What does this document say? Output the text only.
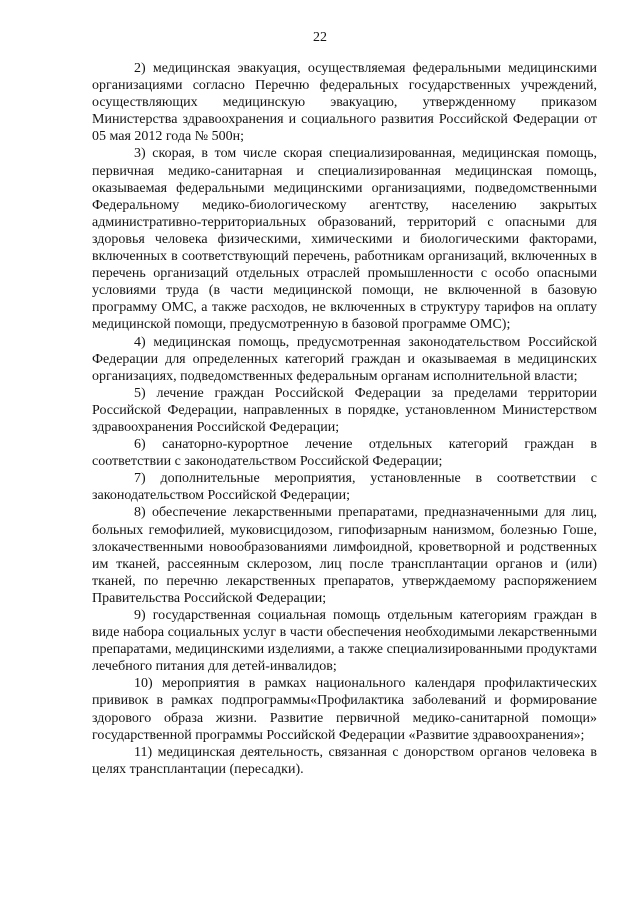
22

2) медицинская эвакуация, осуществляемая федеральными медицинскими организациями согласно Перечню федеральных государственных учреждений, осуществляющих медицинскую эвакуацию, утвержденному приказом Министерства здравоохранения и социального развития Российской Федерации от 05 мая 2012 года № 500н;

3) скорая, в том числе скорая специализированная, медицинская помощь, первичная медико-санитарная и специализированная медицинская помощь, оказываемая федеральными медицинскими организациями, подведомственными Федеральному медико-биологическому агентству, населению закрытых административно-территориальных образований, территорий с опасными для здоровья человека физическими, химическими и биологическими факторами, включенных в соответствующий перечень, работникам организаций, включенных в перечень организаций отдельных отраслей промышленности с особо опасными условиями труда (в части медицинской помощи, не включенной в базовую программу ОМС, а также расходов, не включенных в структуру тарифов на оплату медицинской помощи, предусмотренную в базовой программе ОМС);

4) медицинская помощь, предусмотренная законодательством Российской Федерации для определенных категорий граждан и оказываемая в медицинских организациях, подведомственных федеральным органам исполнительной власти;

5) лечение граждан Российской Федерации за пределами территории Российской Федерации, направленных в порядке, установленном Министерством здравоохранения Российской Федерации;

6) санаторно-курортное лечение отдельных категорий граждан в соответствии с законодательством Российской Федерации;

7) дополнительные мероприятия, установленные в соответствии с законодательством Российской Федерации;

8) обеспечение лекарственными препаратами, предназначенными для лиц, больных гемофилией, муковисцидозом, гипофизарным нанизмом, болезнью Гоше, злокачественными новообразованиями лимфоидной, кроветворной и родственных им тканей, рассеянным склерозом, лиц после трансплантации органов и (или) тканей, по перечню лекарственных препаратов, утверждаемому распоряжением Правительства Российской Федерации;

9) государственная социальная помощь отдельным категориям граждан в виде набора социальных услуг в части обеспечения необходимыми лекарственными препаратами, медицинскими изделиями, а также специализированными продуктами лечебного питания для детей-инвалидов;

10) мероприятия в рамках национального календаря профилактических прививок в рамках подпрограммы«Профилактика заболеваний и формирование здорового образа жизни. Развитие первичной медико-санитарной помощи» государственной программы Российской Федерации «Развитие здравоохранения»;

11) медицинская деятельность, связанная с донорством органов человека в целях трансплантации (пересадки).
